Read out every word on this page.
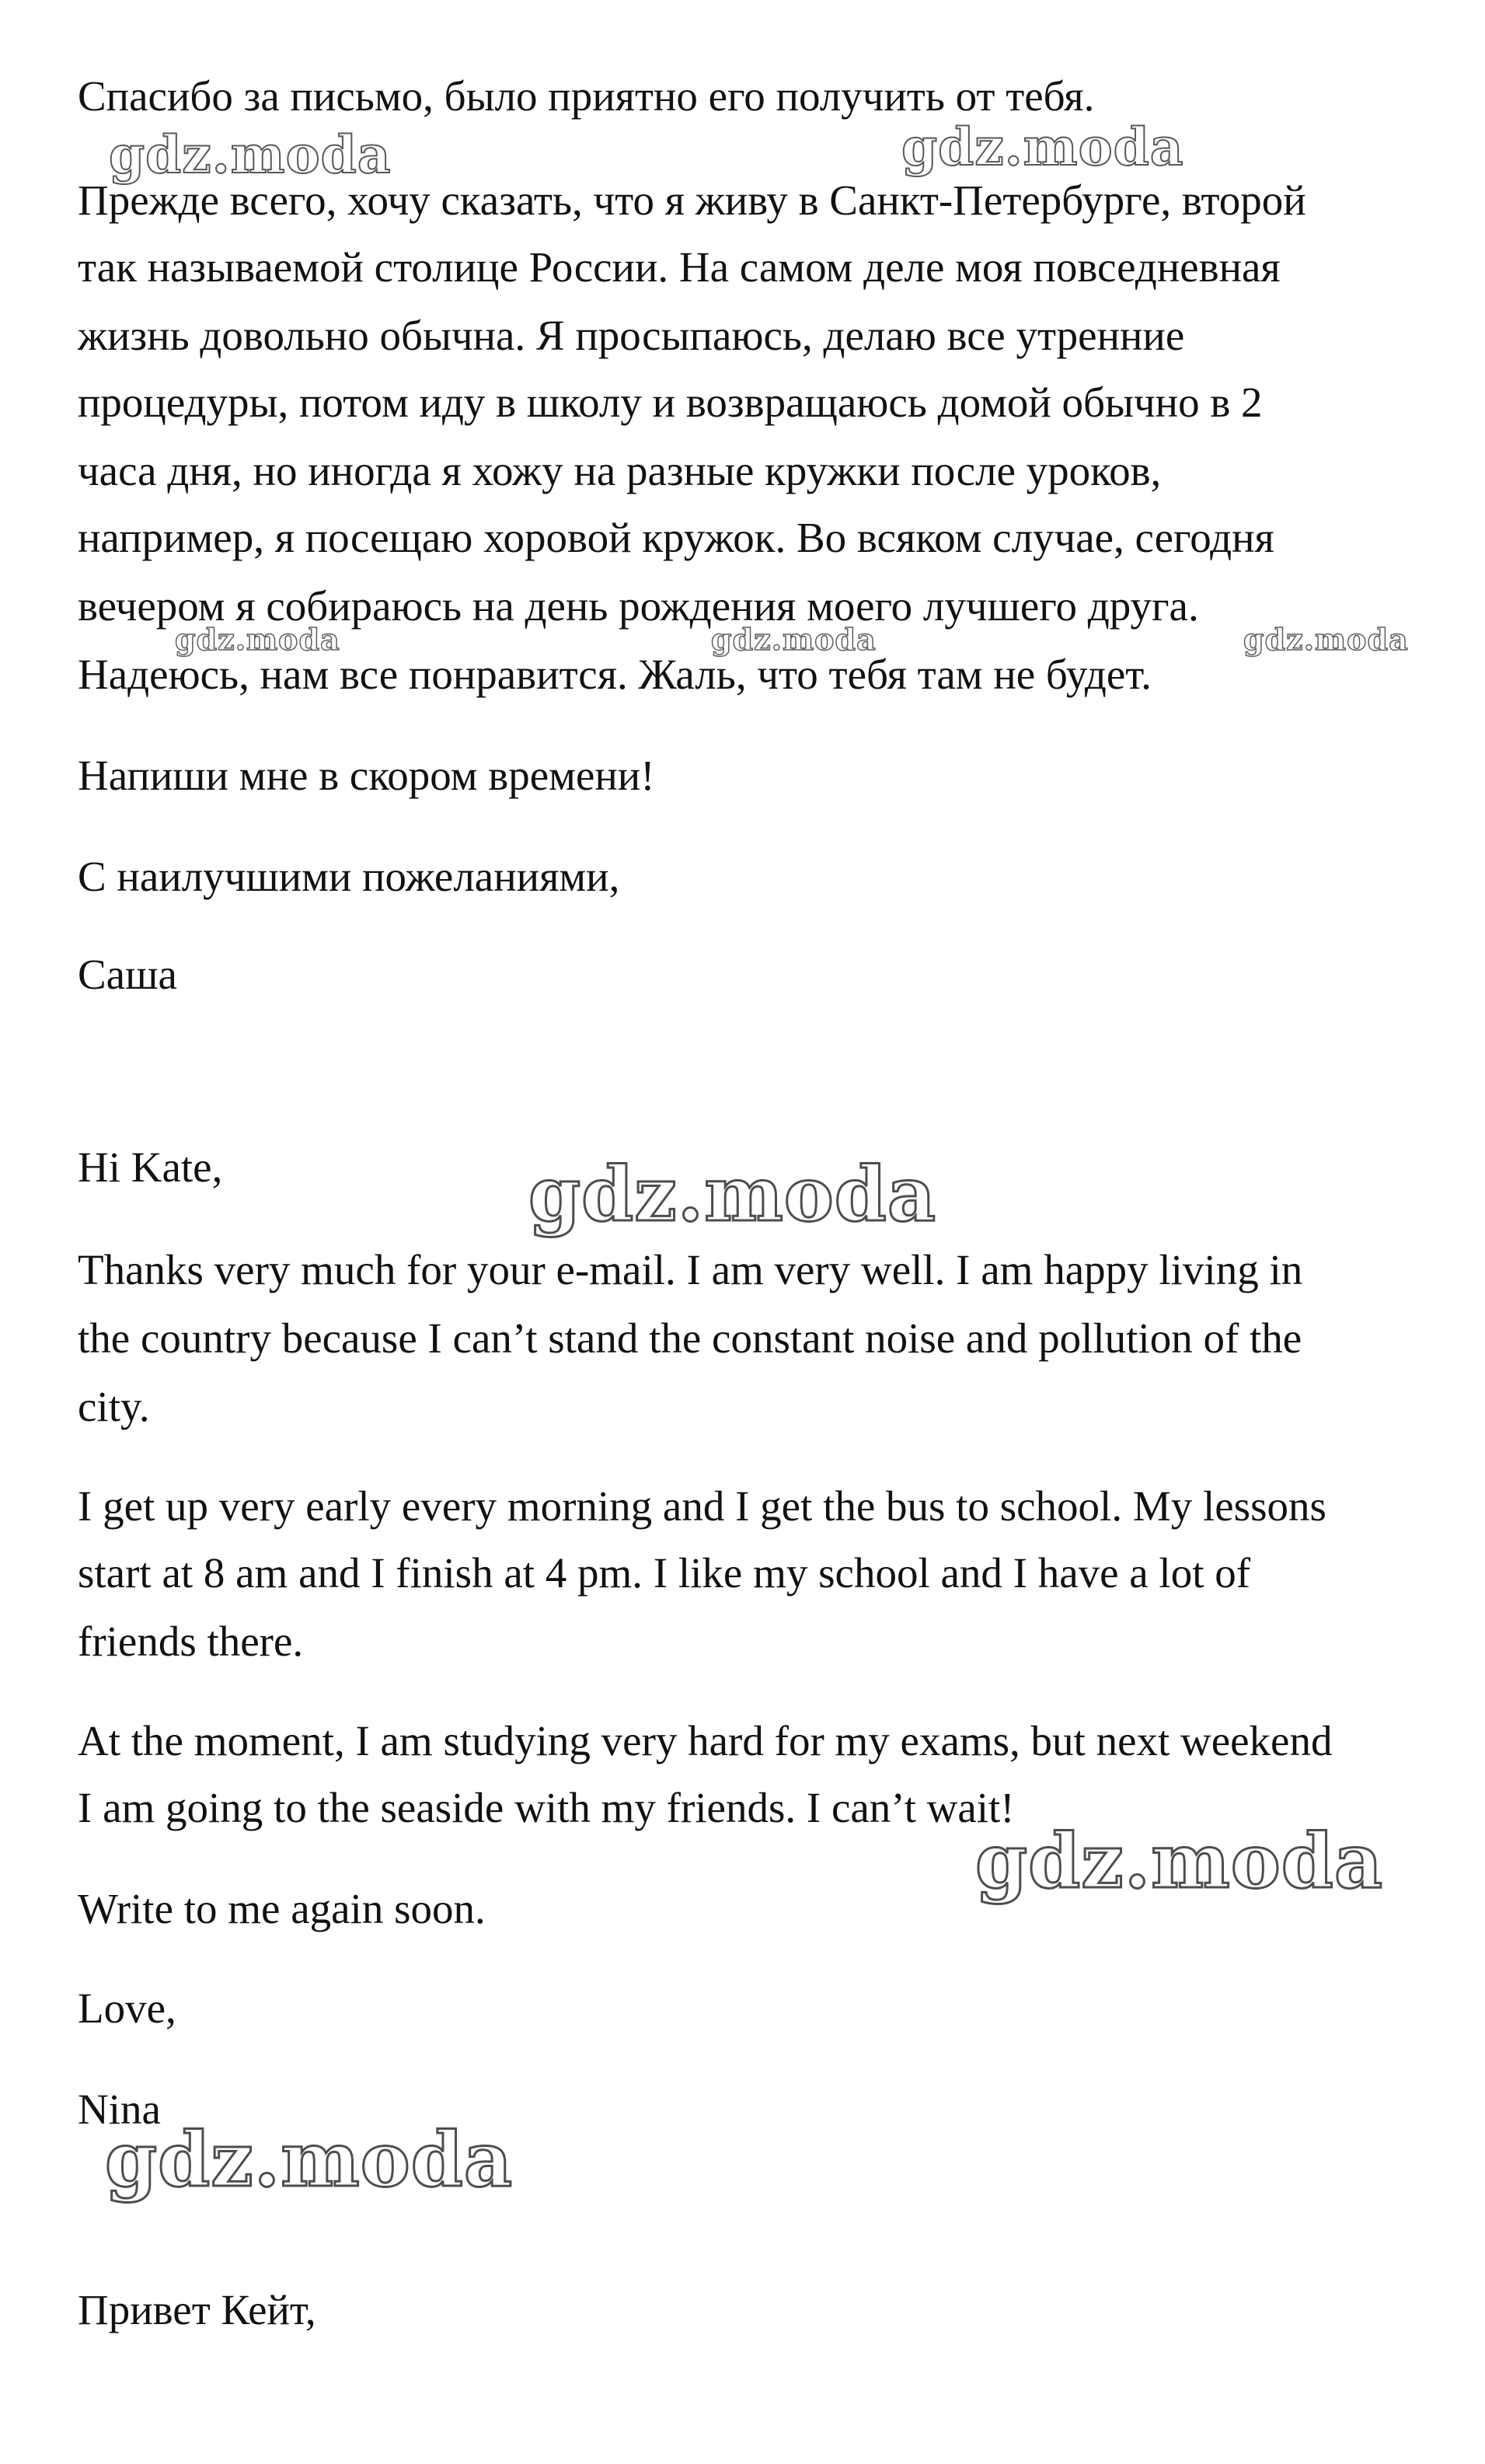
Спасибо за письмо, было приятно его получить от тебя.
Прежде всего, хочу сказать, что я живу в Санкт-Петербурге, второй
так называемой столице России. На самом деле моя повседневная
жизнь довольно обычна. Я просыпаюсь, делаю все утренние
процедуры, потом иду в школу и возвращаюсь домой обычно в 2
часа дня, но иногда я хожу на разные кружки после уроков,
например, я посещаю хоровой кружок. Во всяком случае, сегодня
вечером я собираюсь на день рождения моего лучшего друга.
Надеюсь, нам все понравится. Жаль, что тебя там не будет.
Напиши мне в скором времени!
С наилучшими пожеланиями,
Саша
Hi Kate,
Thanks very much for your e-mail. I am very well. I am happy living in
the country because I can’t stand the constant noise and pollution of the
city.
I get up very early every morning and I get the bus to school. My lessons
start at 8 am and I finish at 4 pm. I like my school and I have a lot of
friends there.
At the moment, I am studying very hard for my exams, but next weekend
I am going to the seaside with my friends. I can’t wait!
Write to me again soon.
Love,
Nina
Привет Кейт,
gdz.moda	gdz.moda
gdz.moda	gdz.moda	gdz.moda
gdz.moda
gdz.moda
gdz.moda
